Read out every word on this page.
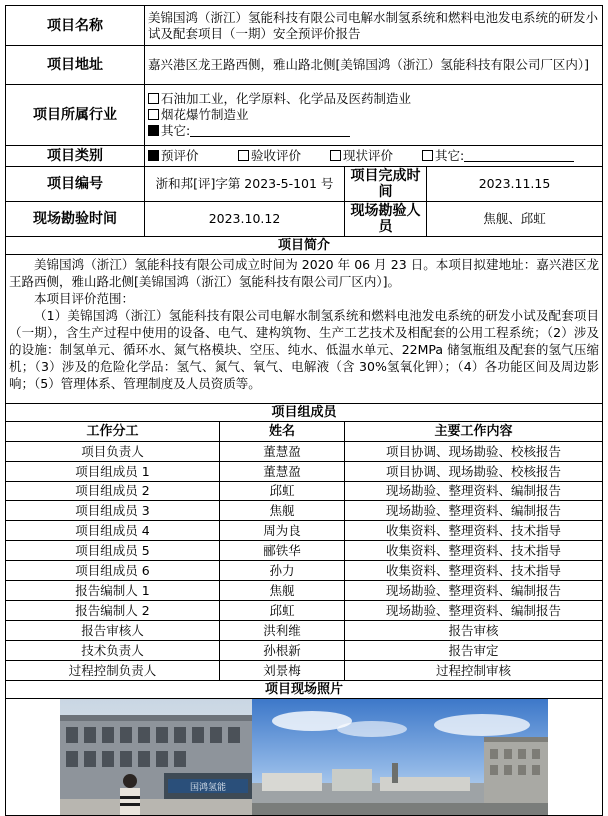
项目名称	美锦国鸿（浙江）氢能科技有限公司电解水制氢系统和燃料电池发电系统的研发小试及配套项目（一期）安全预评价报告			
项目地址	嘉兴港区龙王路西侧，雅山路北侧[美锦国鸿（浙江）氢能科技有限公司厂区内）]			
项目所属行业	石油加工业，化学原料、化学品及医药制造业
烟花爆竹制造业
其它:			

项目类别	预评价 验收评价 现状评价 其它:			
项目编号	浙和邦[评]字第 2023-5-101 号		项目完成时间	2023.11.15
现场勘验时间	2023.10.12		现场勘验人员	焦舰、邱虹
项目简介				

美锦国鸿（浙江）氢能科技有限公司成立时间为 2020 年 06 月 23 日。本项目拟建地址：嘉兴港区龙王路西侧，雅山路北侧[美锦国鸿（浙江）氢能科技有限公司厂区内）]。

本项目评价范围：

（1）美锦国鸿（浙江）氢能科技有限公司电解水制氢系统和燃料电池发电系统的研发小试及配套项目（一期），含生产过程中使用的设备、电气、建构筑物、生产工艺技术及相配套的公用工程系统；（2）涉及的设施：制氢单元、循环水、氮气格模块、空压、纯水、低温水单元、22MPa 储氢瓶组及配套的氢气压缩机；（3）涉及的危险化学品：氢气、氮气、氧气、电解液（含 30%氢氧化钾）；（4）各功能区间及周边影响；（5）管理体系、管理制度及人员资质等。				

项目组成员				
工作分工		姓名	主要工作内容	
项目负责人		董慧盈	项目协调、现场勘验、校核报告	
项目组成员 1		董慧盈	项目协调、现场勘验、校核报告	
项目组成员 2		邱虹	现场勘验、整理资料、编制报告	
项目组成员 3		焦舰	现场勘验、整理资料、编制报告	
项目组成员 4		周为良	收集资料、整理资料、技术指导	
项目组成员 5		郦铁华	收集资料、整理资料、技术指导	
项目组成员 6		孙力	收集资料、整理资料、技术指导	
报告编制人 1		焦舰	现场勘验、整理资料、编制报告	
报告编制人 2		邱虹	现场勘验、整理资料、编制报告	
报告审核人		洪利维	报告审核	
技术负责人		孙根新	报告审定	
过程控制负责人		刘景梅	过程控制审核	
项目现场照片				

国鸿氢能				
